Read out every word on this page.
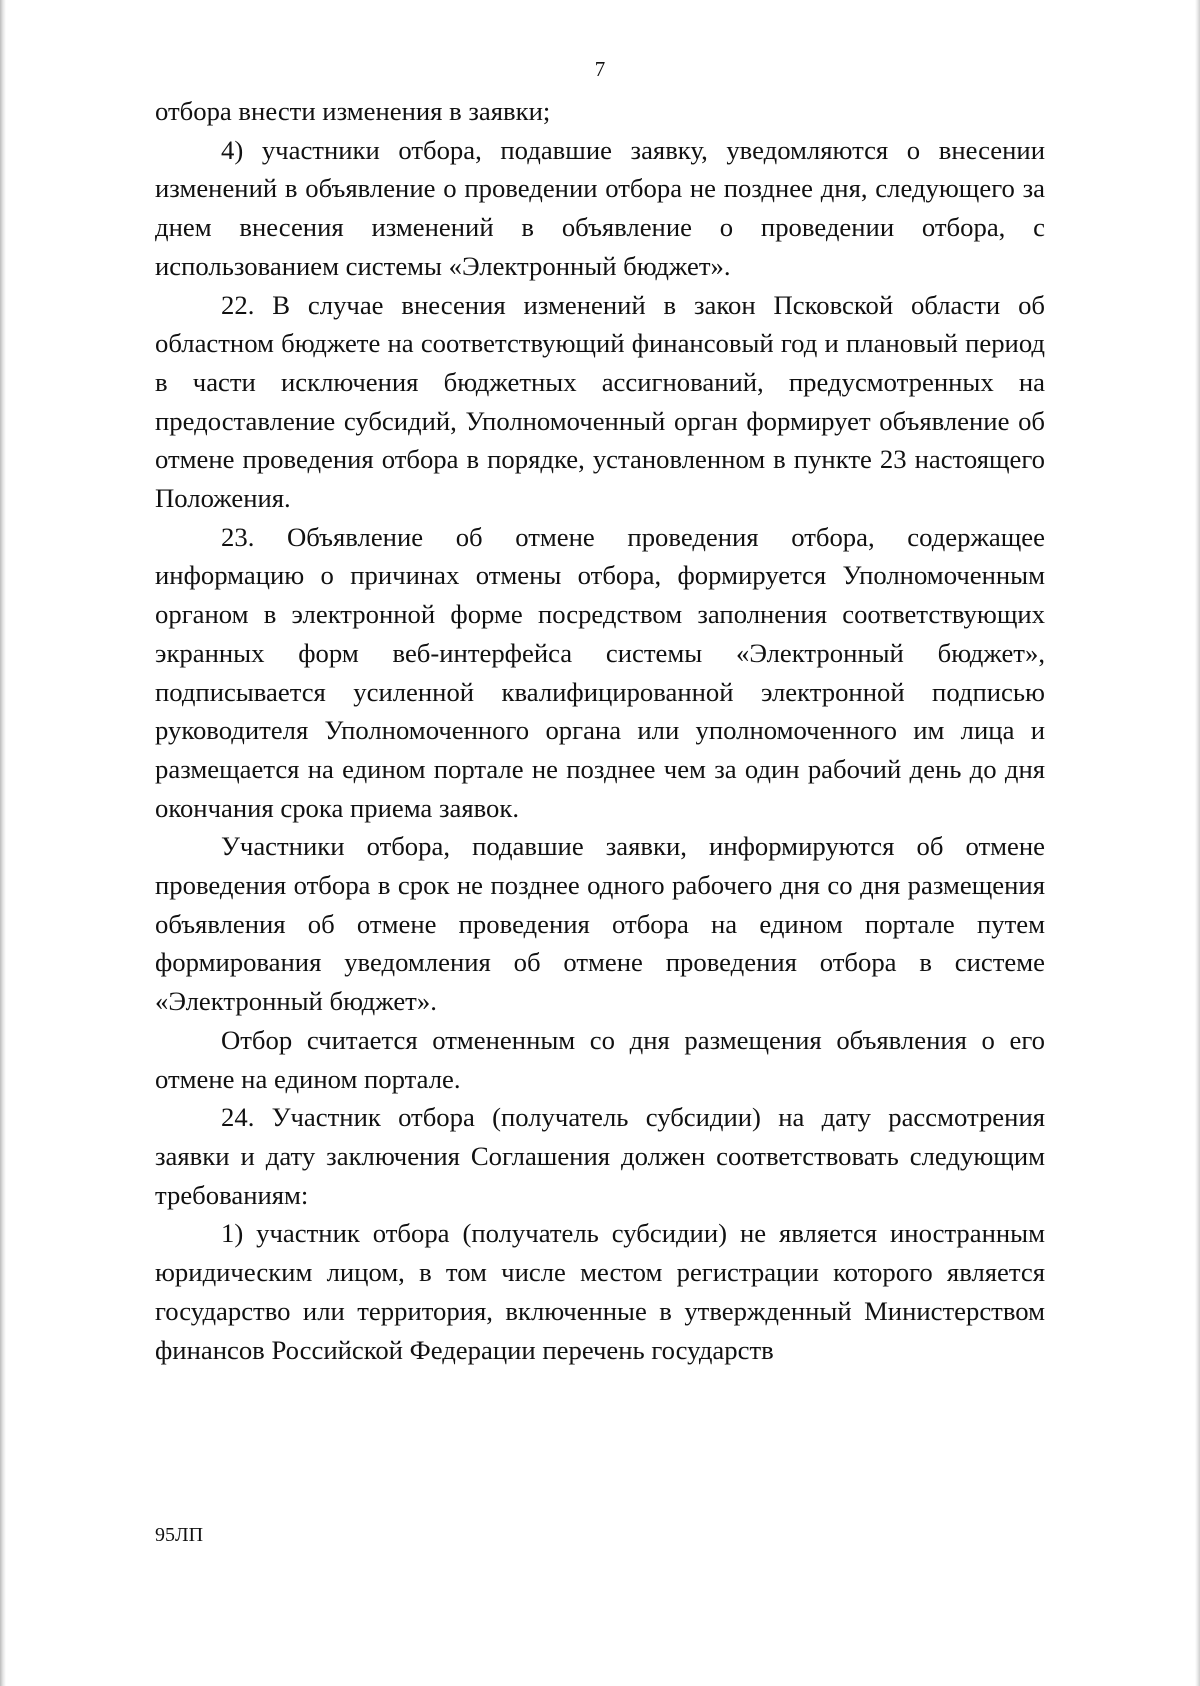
7

отбора внести изменения в заявки;

4) участники отбора, подавшие заявку, уведомляются о внесении изменений в объявление о проведении отбора не позднее дня, следующего за днем внесения изменений в объявление о проведении отбора, с использованием системы «Электронный бюджет».

22. В случае внесения изменений в закон Псковской области об областном бюджете на соответствующий финансовый год и плановый период в части исключения бюджетных ассигнований, предусмотренных на предоставление субсидий, Уполномоченный орган формирует объявление об отмене проведения отбора в порядке, установленном в пункте 23 настоящего Положения.

23. Объявление об отмене проведения отбора, содержащее информацию о причинах отмены отбора, формируется Уполномоченным органом в электронной форме посредством заполнения соответствующих экранных форм веб-интерфейса системы «Электронный бюджет», подписывается усиленной квалифицированной электронной подписью руководителя Уполномоченного органа или уполномоченного им лица и размещается на едином портале не позднее чем за один рабочий день до дня окончания срока приема заявок.

Участники отбора, подавшие заявки, информируются об отмене проведения отбора в срок не позднее одного рабочего дня со дня размещения объявления об отмене проведения отбора на едином портале путем формирования уведомления об отмене проведения отбора в системе «Электронный бюджет».

Отбор считается отмененным со дня размещения объявления о его отмене на едином портале.

24. Участник отбора (получатель субсидии) на дату рассмотрения заявки и дату заключения Соглашения должен соответствовать следующим требованиям:

1) участник отбора (получатель субсидии) не является иностранным юридическим лицом, в том числе местом регистрации которого является государство или территория, включенные в утвержденный Министерством финансов Российской Федерации перечень государств

95ЛП
